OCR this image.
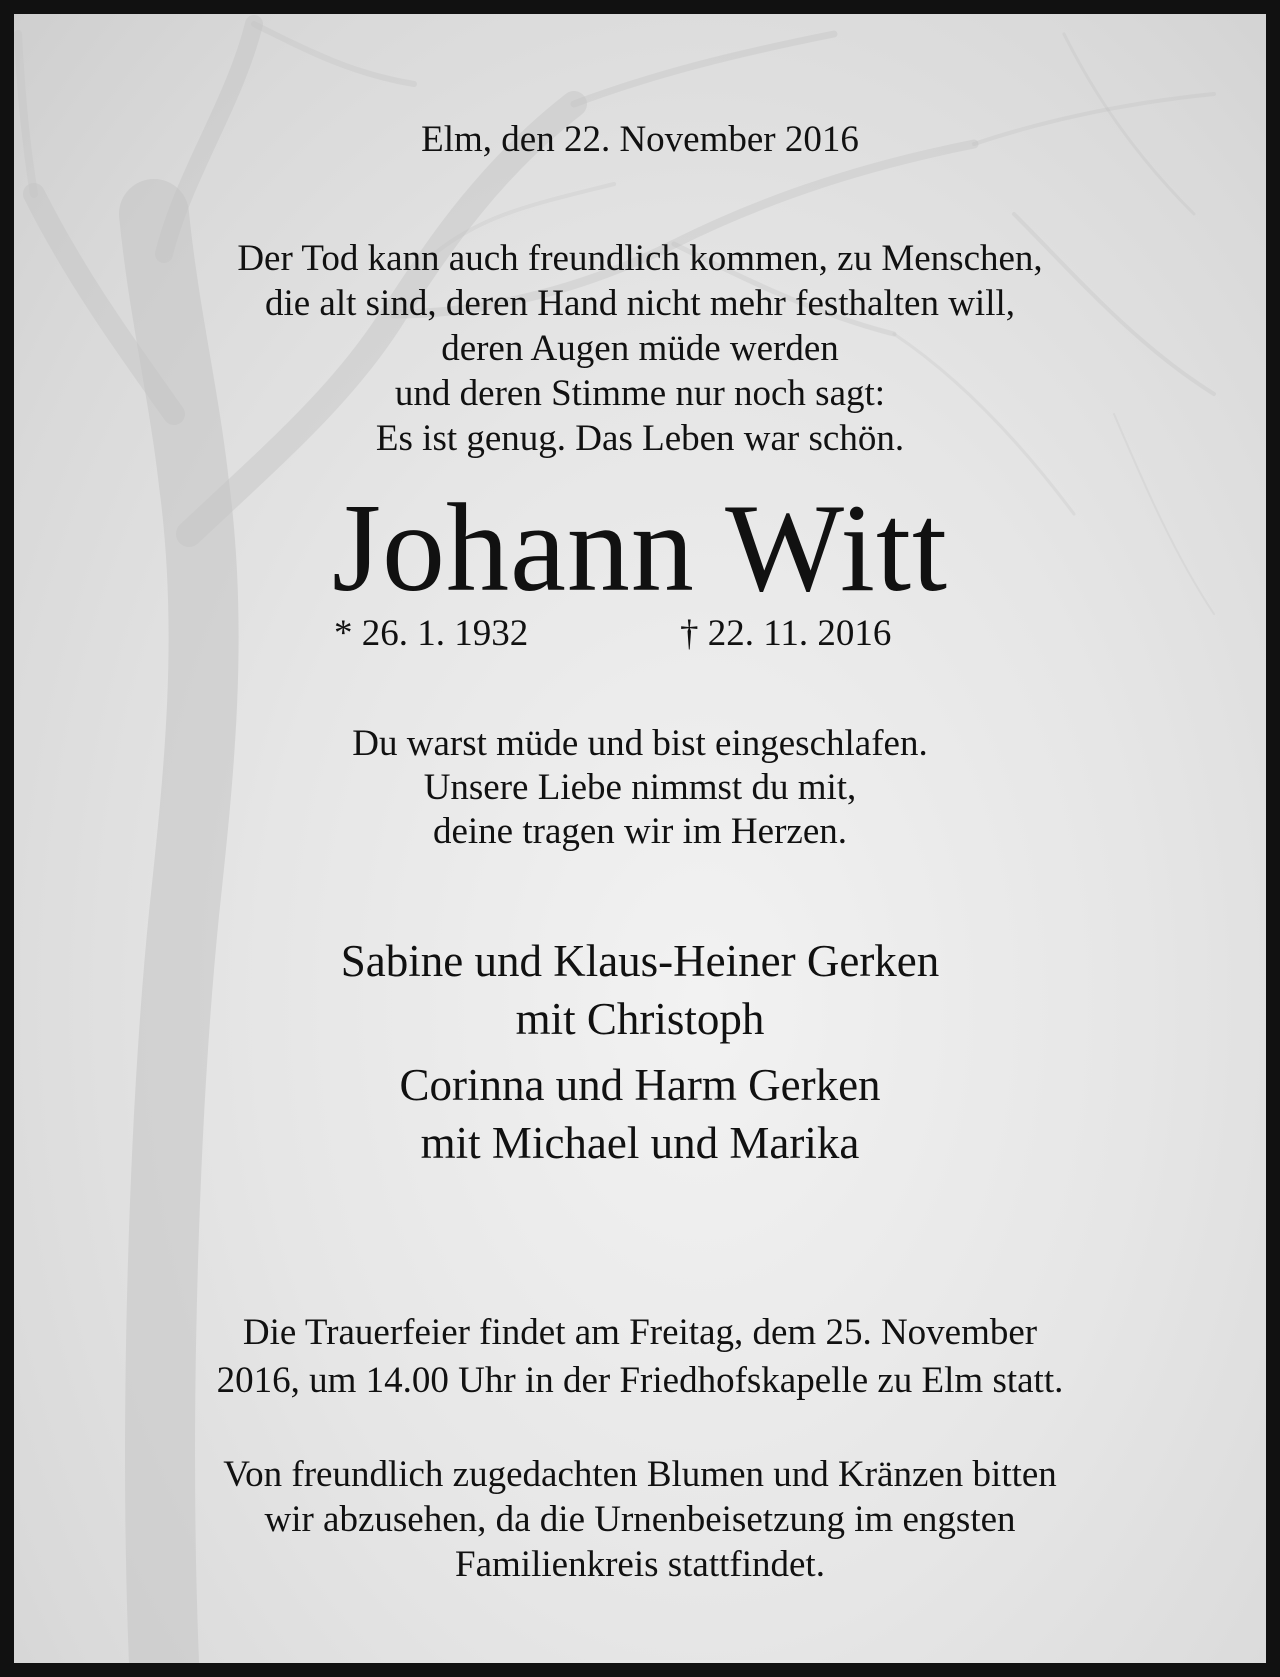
Elm, den 22. November 2016
Der Tod kann auch freundlich kommen, zu Menschen,
die alt sind, deren Hand nicht mehr festhalten will,
deren Augen müde werden
und deren Stimme nur noch sagt:
Es ist genug. Das Leben war schön.
Johann Witt
* 26. 1. 1932	† 22. 11. 2016
Du warst müde und bist eingeschlafen.
Unsere Liebe nimmst du mit,
deine tragen wir im Herzen.
Sabine und Klaus-Heiner Gerken
mit Christoph
Corinna und Harm Gerken
mit Michael und Marika
Die Trauerfeier findet am Freitag, dem 25. November
2016, um 14.00 Uhr in der Friedhofskapelle zu Elm statt.
Von freundlich zugedachten Blumen und Kränzen bitten
wir abzusehen, da die Urnenbeisetzung im engsten
Familienkreis stattfindet.
